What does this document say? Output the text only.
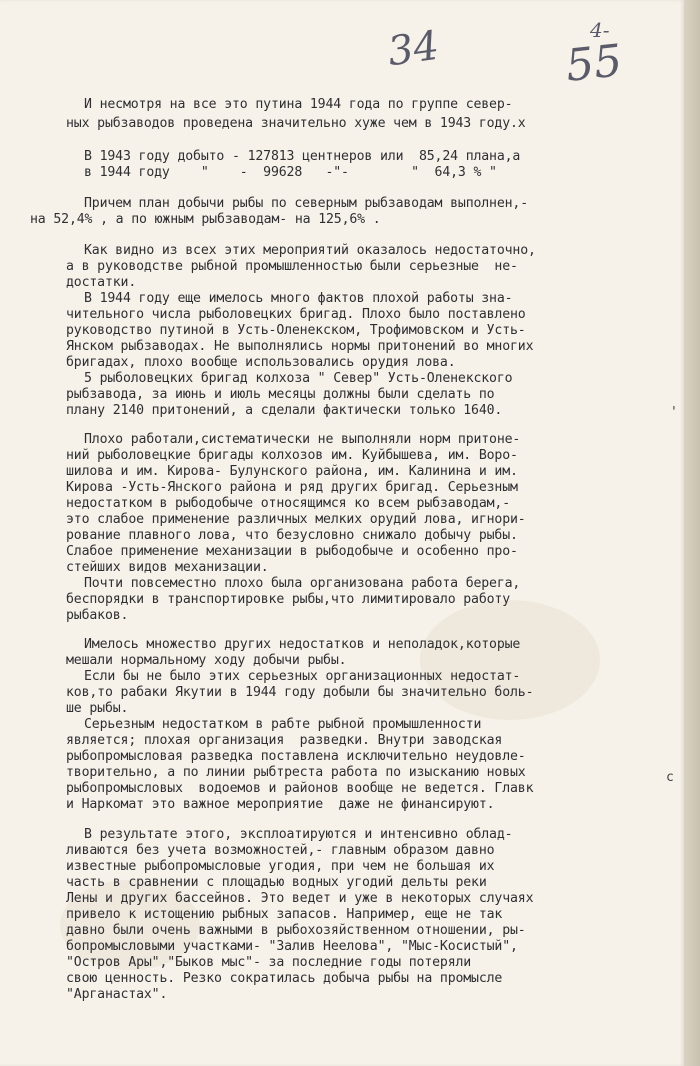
34	55
4-
'
c
И несмотря на все это путина 1944 года по группе север-
ных рыбзаводов проведена значительно хуже чем в 1943 году.х
В 1943 году добыто - 127813 центнеров или  85,24 плана,а
в 1944 году    "    -  99628   -"-        "  64,3 % "
Причем план добычи рыбы по северным рыбзаводам выполнен,-
на 52,4% , а по южным рыбзаводам- на 125,6% .
Как видно из всех этих мероприятий оказалось недостаточно,
а в руководстве рыбной промышленностью были серьезные  не-
достатки.
В 1944 году еще имелось много фактов плохой работы зна-
чительного числа рыболовецких бригад. Плохо было поставлено
руководство путиной в Усть-Оленекском, Трофимовском и Усть-
Янском рыбзаводах. Не выполнялись нормы притонений во многих
бригадах, плохо вообще использовались орудия лова.
5 рыболовецких бригад колхоза " Север" Усть-Оленекского
рыбзавода, за июнь и июль месяцы должны были сделать по
плану 2140 притонений, а сделали фактически только 1640.
Плохо работали,систематически не выполняли норм притоне-
ний рыболовецкие бригады колхозов им. Куйбышева, им. Воро-
шилова и им. Кирова- Булунского района, им. Калинина и им.
Кирова -Усть-Янского района и ряд других бригад. Серьезным
недостатком в рыбодобыче относящимся ко всем рыбзаводам,-
это слабое применение различных мелких орудий лова, игнори-
рование плавного лова, что безусловно снижало добычу рыбы.
Слабое применение механизации в рыбодобыче и особенно про-
стейших видов механизации.
Почти повсеместно плохо была организована работа берега,
беспорядки в транспортировке рыбы,что лимитировало работу
рыбаков.
Имелось множество других недостатков и неполадок,которые
мешали нормальному ходу добычи рыбы.
Если бы не было этих серьезных организационных недостат-
ков,то рабаки Якутии в 1944 году добыли бы значительно боль-
ше рыбы.
Серьезным недостатком в рабте рыбной промышленности
является; плохая организация  разведки. Внутри заводская
рыбопромысловая разведка поставлена исключительно неудовле-
творительно, а по линии рыбтреста работа по изысканию новых
рыбопромысловых  водоемов и районов вообще не ведется. Главк
и Наркомат это важное мероприятие  даже не финансируют.
В результате этого, эксплоатируются и интенсивно облад-
ливаются без учета возможностей,- главным образом давно
известные рыбопромысловые угодия, при чем не большая их
часть в сравнении с площадью водных угодий дельты реки
Лены и других бассейнов. Это ведет и уже в некоторых случаях
привело к истощению рыбных запасов. Например, еще не так
давно были очень важными в рыбохозяйственном отношении, ры-
бопромысловыми участками- "Залив Неелова", "Мыс-Косистый",
"Остров Ары","Быков мыс"- за последние годы потеряли
свою ценность. Резко сократилась добыча рыбы на промысле
"Арганастах".
